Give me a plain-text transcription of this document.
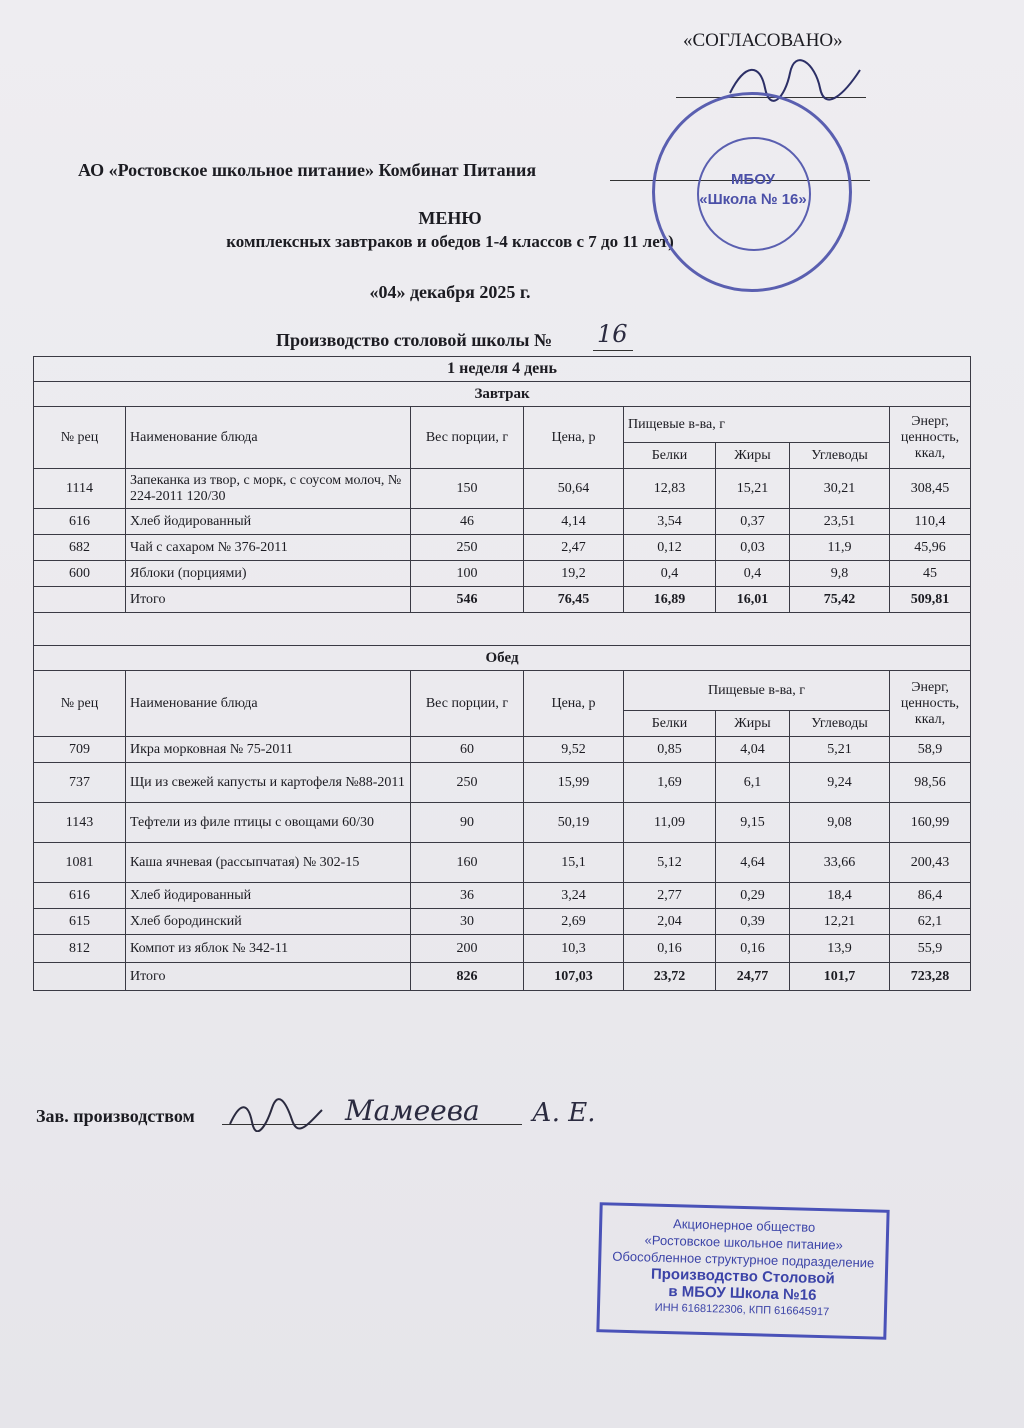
«СОГЛАСОВАНО»
АО «Ростовское школьное питание» Комбинат Питания
МЕНЮ
комплексных завтраков и обедов 1-4 классов с 7 до 11 лет)
«04» декабря 2025 г.
Производство столовой школы № 16
1 неделя 4 день							
Завтрак							
№ рец	Наименование блюда	Вес порции, г	Цена, р	Пищевые в-ва, г			Энерг, ценность, ккал,
				Белки	Жиры	Углеводы	
1114	Запеканка из твор, с морк, с соусом молоч, № 224-2011 120/30	150	50,64	12,83	15,21	30,21	308,45
616	Хлеб йодированный	46	4,14	3,54	0,37	23,51	110,4
682	Чай с сахаром № 376-2011	250	2,47	0,12	0,03	11,9	45,96
600	Яблоки (порциями)	100	19,2	0,4	0,4	9,8	45
	Итого	546	76,45	16,89	16,01	75,42	509,81

Обед							
№ рец	Наименование блюда	Вес порции, г	Цена, р	Пищевые в-ва, г			Энерг, ценность, ккал,
				Белки	Жиры	Углеводы	
709	Икра морковная № 75-2011	60	9,52	0,85	4,04	5,21	58,9
737	Щи из свежей капусты и картофеля №88-2011	250	15,99	1,69	6,1	9,24	98,56
1143	Тефтели из филе птицы с овощами 60/30	90	50,19	11,09	9,15	9,08	160,99
1081	Каша ячневая (рассыпчатая) № 302-15	160	15,1	5,12	4,64	33,66	200,43
616	Хлеб йодированный	36	3,24	2,77	0,29	18,4	86,4
615	Хлеб бородинский	30	2,69	2,04	0,39	12,21	62,1
812	Компот из яблок № 342-11	200	10,3	0,16	0,16	13,9	55,9
	Итого	826	107,03	23,72	24,77	101,7	723,28
Зав. производством	Мамеева А. Е.
МБОУ
«Школа № 16»
Акционерное общество
«Ростовское школьное питание»
Обособленное структурное подразделение
Производство Столовой
в МБОУ Школа №16
ИНН 6168122306, КПП 616645917
